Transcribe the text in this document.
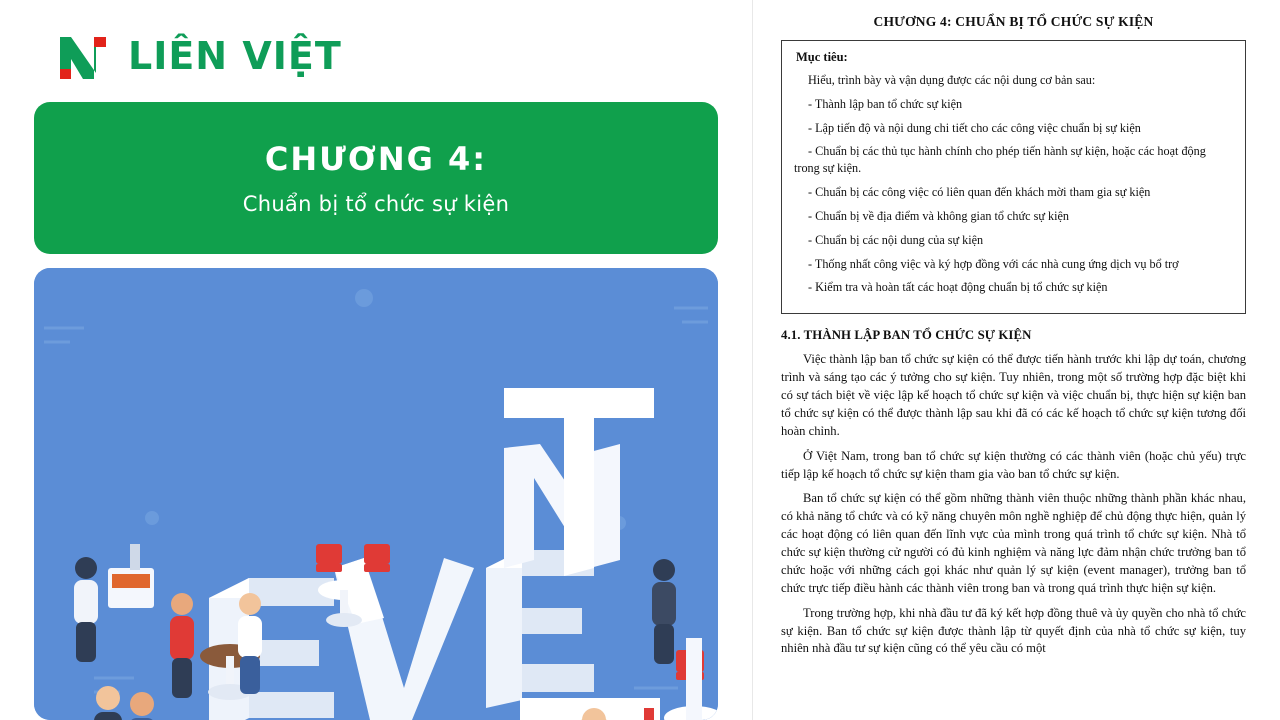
LIÊN VIỆT
CHƯƠNG 4:
Chuẩn bị tổ chức sự kiện
CHƯƠNG 4: CHUẨN BỊ TỔ CHỨC SỰ KIỆN
Mục tiêu:

Hiểu, trình bày và vận dụng được các nội dung cơ bản sau:

- Thành lập ban tổ chức sự kiện

- Lập tiến độ và nội dung chi tiết cho các công việc chuẩn bị sự kiện

- Chuẩn bị các thủ tục hành chính cho phép tiến hành sự kiện, hoặc các hoạt động trong sự kiện.

- Chuẩn bị các công việc có liên quan đến khách mời tham gia sự kiện

- Chuẩn bị về địa điểm và không gian tổ chức sự kiện

- Chuẩn bị các nội dung của sự kiện

- Thống nhất công việc và ký hợp đồng với các nhà cung ứng dịch vụ bổ trợ

- Kiểm tra và hoàn tất các hoạt động chuẩn bị tổ chức sự kiện

4.1. THÀNH LẬP BAN TỔ CHỨC SỰ KIỆN

Việc thành lập ban tổ chức sự kiện có thể được tiến hành trước khi lập dự toán, chương trình và sáng tạo các ý tưởng cho sự kiện. Tuy nhiên, trong một số trường hợp đặc biệt khi có sự tách biệt về việc lập kế hoạch tổ chức sự kiện và việc chuẩn bị, thực hiện sự kiện ban tổ chức sự kiện có thể được thành lập sau khi đã có các kế hoạch tổ chức sự kiện tương đối hoàn chỉnh.

Ở Việt Nam, trong ban tổ chức sự kiện thường có các thành viên (hoặc chủ yếu) trực tiếp lập kế hoạch tổ chức sự kiện tham gia vào ban tổ chức sự kiện.

Ban tổ chức sự kiện có thể gồm những thành viên thuộc những thành phần khác nhau, có khả năng tổ chức và có kỹ năng chuyên môn nghề nghiệp để chủ động thực hiện, quản lý các hoạt động có liên quan đến lĩnh vực của mình trong quá trình tổ chức sự kiện. Nhà tổ chức sự kiện thường cử người có đủ kinh nghiệm và năng lực đảm nhận chức trưởng ban tổ chức hoặc với những cách gọi khác như quản lý sự kiện (event manager), trưởng ban tổ chức trực tiếp điều hành các thành viên trong ban và trong quá trình thực hiện sự kiện.

Trong trường hợp, khi nhà đầu tư đã ký kết hợp đồng thuê và ủy quyền cho nhà tổ chức sự kiện. Ban tổ chức sự kiện được thành lập từ quyết định của nhà tổ chức sự kiện, tuy nhiên nhà đầu tư sự kiện cũng có thể yêu cầu có một
